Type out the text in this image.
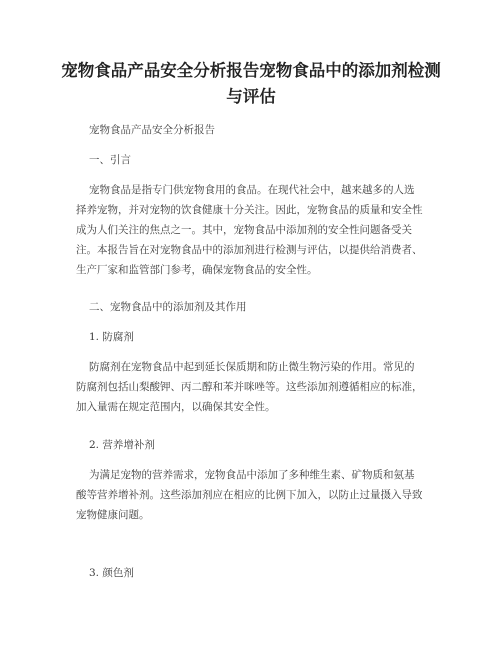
宠物食品产品安全分析报告宠物食品中的添加剂检测与评估

宠物食品产品安全分析报告

一、引言

宠物食品是指专门供宠物食用的食品。在现代社会中，越来越多的人选择养宠物，并对宠物的饮食健康十分关注。因此，宠物食品的质量和安全性成为人们关注的焦点之一。其中，宠物食品中添加剂的安全性问题备受关注。本报告旨在对宠物食品中的添加剂进行检测与评估，以提供给消费者、生产厂家和监管部门参考，确保宠物食品的安全性。

二、宠物食品中的添加剂及其作用

1. 防腐剂

防腐剂在宠物食品中起到延长保质期和防止微生物污染的作用。常见的防腐剂包括山梨酸钾、丙二醇和苯并咪唑等。这些添加剂遵循相应的标准，加入量需在规定范围内，以确保其安全性。

2. 营养增补剂

为满足宠物的营养需求，宠物食品中添加了多种维生素、矿物质和氨基酸等营养增补剂。这些添加剂应在相应的比例下加入，以防止过量摄入导致宠物健康问题。

3. 颜色剂
